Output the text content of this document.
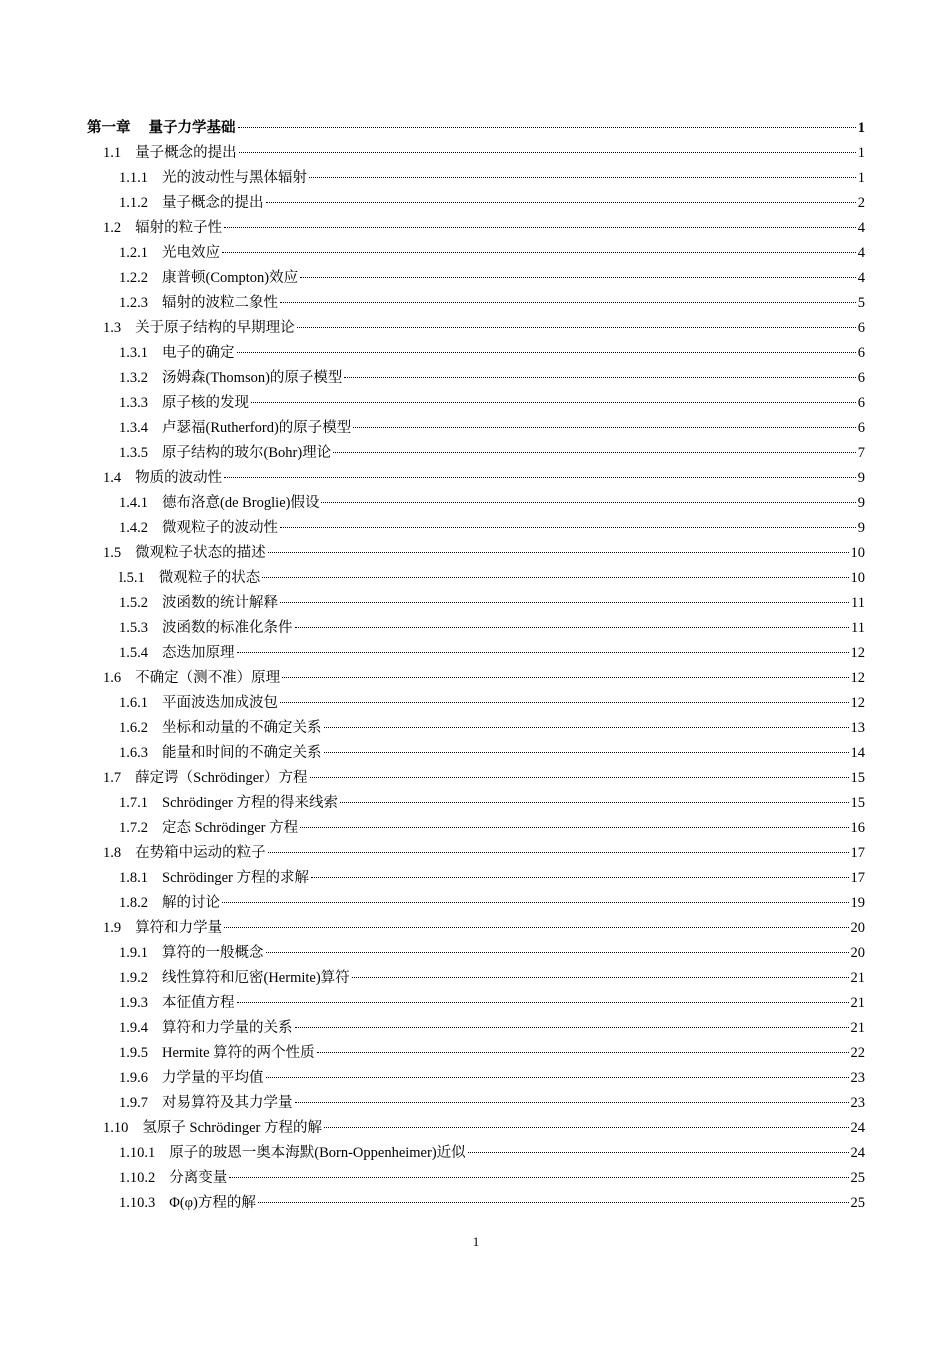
第一章 量子力学基础	1
1.1 量子概念的提出	1
1.1.1 光的波动性与黑体辐射	1
1.1.2 量子概念的提出	2
1.2 辐射的粒子性	4
1.2.1 光电效应	4
1.2.2 康普顿(Compton)效应	4
1.2.3 辐射的波粒二象性	5
1.3 关于原子结构的早期理论	6
1.3.1 电子的确定	6
1.3.2 汤姆森(Thomson)的原子模型	6
1.3.3 原子核的发现	6
1.3.4 卢瑟福(Rutherford)的原子模型	6
1.3.5 原子结构的玻尔(Bohr)理论	7
1.4 物质的波动性	9
1.4.1 德布洛意(de Broglie)假设	9
1.4.2 微观粒子的波动性	9
1.5 微观粒子状态的描述	10
l.5.1 微观粒子的状态	10
1.5.2 波函数的统计解释	11
1.5.3 波函数的标准化条件	11
1.5.4 态迭加原理	12
1.6 不确定（测不准）原理	12
1.6.1 平面波迭加成波包	12
1.6.2 坐标和动量的不确定关系	13
1.6.3 能量和时间的不确定关系	14
1.7 薛定谔（Schrödinger）方程	15
1.7.1 Schrödinger 方程的得来线索	15
1.7.2 定态 Schrödinger 方程	16
1.8 在势箱中运动的粒子	17
1.8.1 Schrödinger 方程的求解	17
1.8.2 解的讨论	19
1.9 算符和力学量	20
1.9.1 算符的一般概念	20
1.9.2 线性算符和厄密(Hermite)算符	21
1.9.3 本征值方程	21
1.9.4 算符和力学量的关系	21
1.9.5 Hermite 算符的两个性质	22
1.9.6 力学量的平均值	23
1.9.7 对易算符及其力学量	23
1.10 氢原子 Schrödinger 方程的解	24
1.10.1 原子的玻恩一奥本海默(Born-Oppenheimer)近似	24
1.10.2 分离变量	25
1.10.3 Φ(φ)方程的解	25
1
